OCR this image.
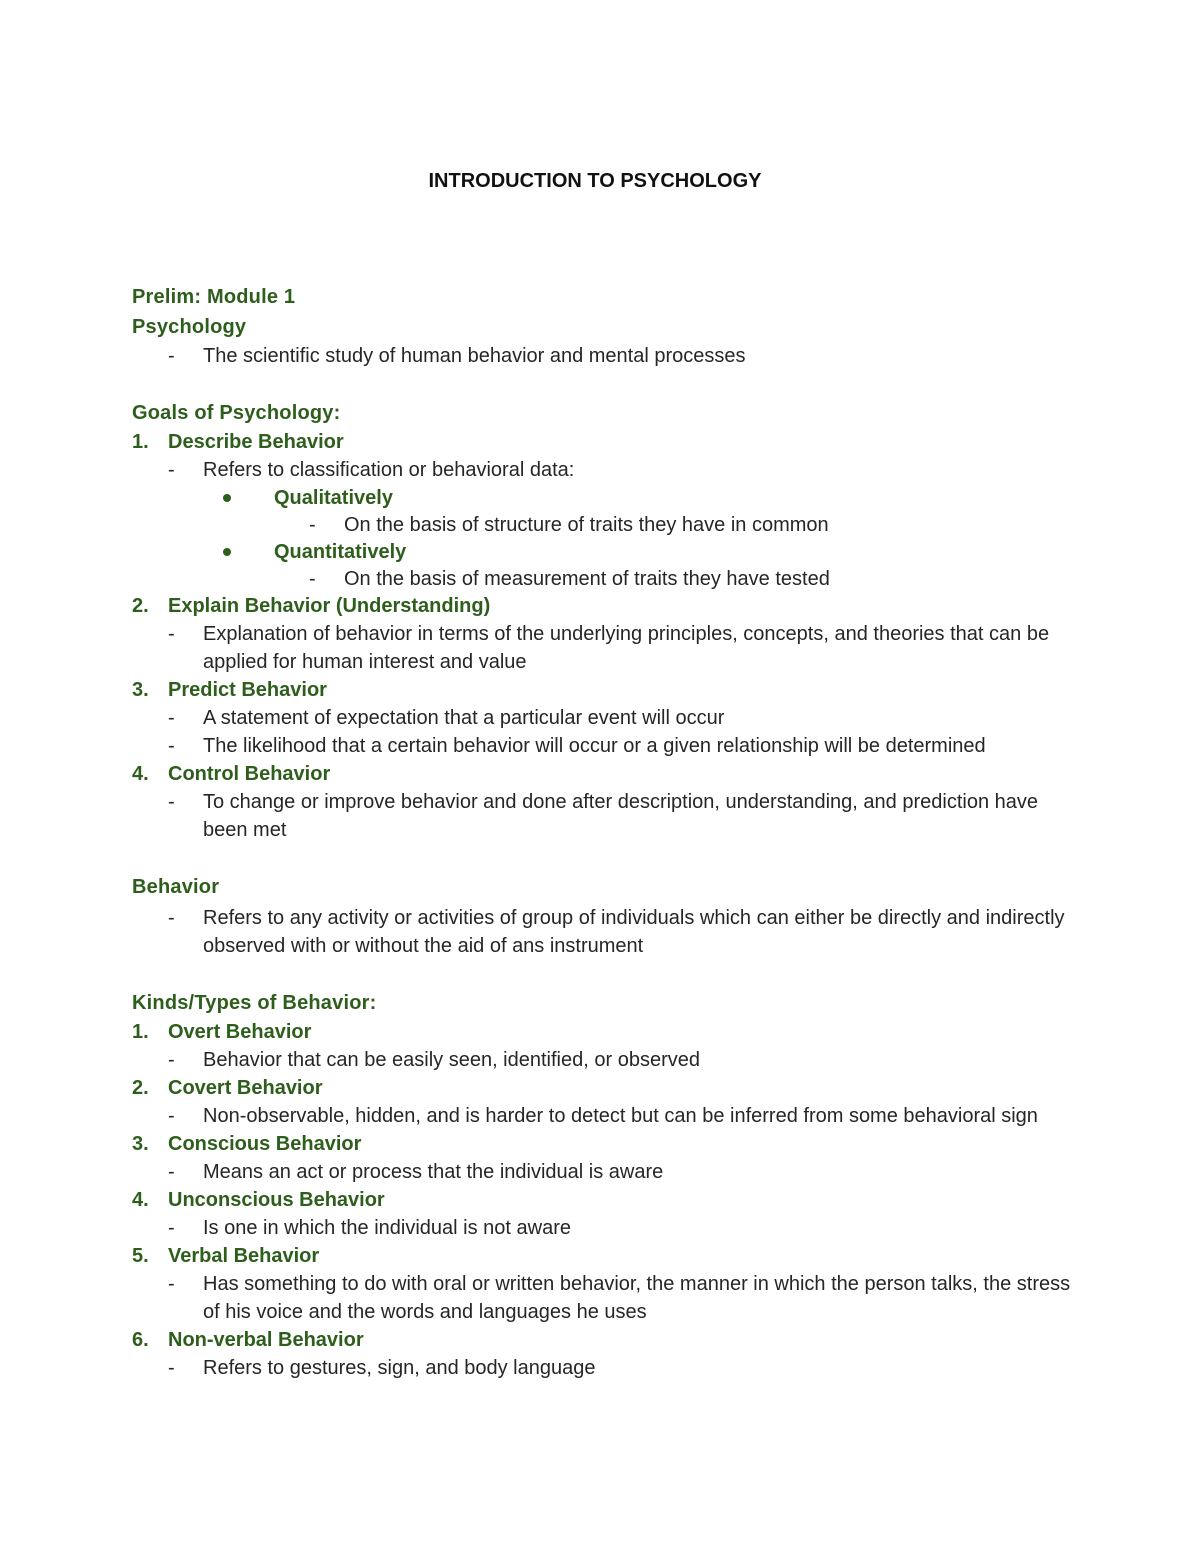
INTRODUCTION TO PSYCHOLOGY
Prelim: Module 1
Psychology
- The scientific study of human behavior and mental processes
Goals of Psychology:
1. Describe Behavior
- Refers to classification or behavioral data:
Qualitatively
- On the basis of structure of traits they have in common
Quantitatively
- On the basis of measurement of traits they have tested
2. Explain Behavior (Understanding)
- Explanation of behavior in terms of the underlying principles, concepts, and theories that can be applied for human interest and value
3. Predict Behavior
- A statement of expectation that a particular event will occur
- The likelihood that a certain behavior will occur or a given relationship will be determined
4. Control Behavior
- To change or improve behavior and done after description, understanding, and prediction have been met
Behavior
- Refers to any activity or activities of group of individuals which can either be directly and indirectly observed with or without the aid of ans instrument
Kinds/Types of Behavior:
1. Overt Behavior
- Behavior that can be easily seen, identified, or observed
2. Covert Behavior
- Non-observable, hidden, and is harder to detect but can be inferred from some behavioral sign
3. Conscious Behavior
- Means an act or process that the individual is aware
4. Unconscious Behavior
- Is one in which the individual is not aware
5. Verbal Behavior
- Has something to do with oral or written behavior, the manner in which the person talks, the stress of his voice and the words and languages he uses
6. Non-verbal Behavior
- Refers to gestures, sign, and body language
